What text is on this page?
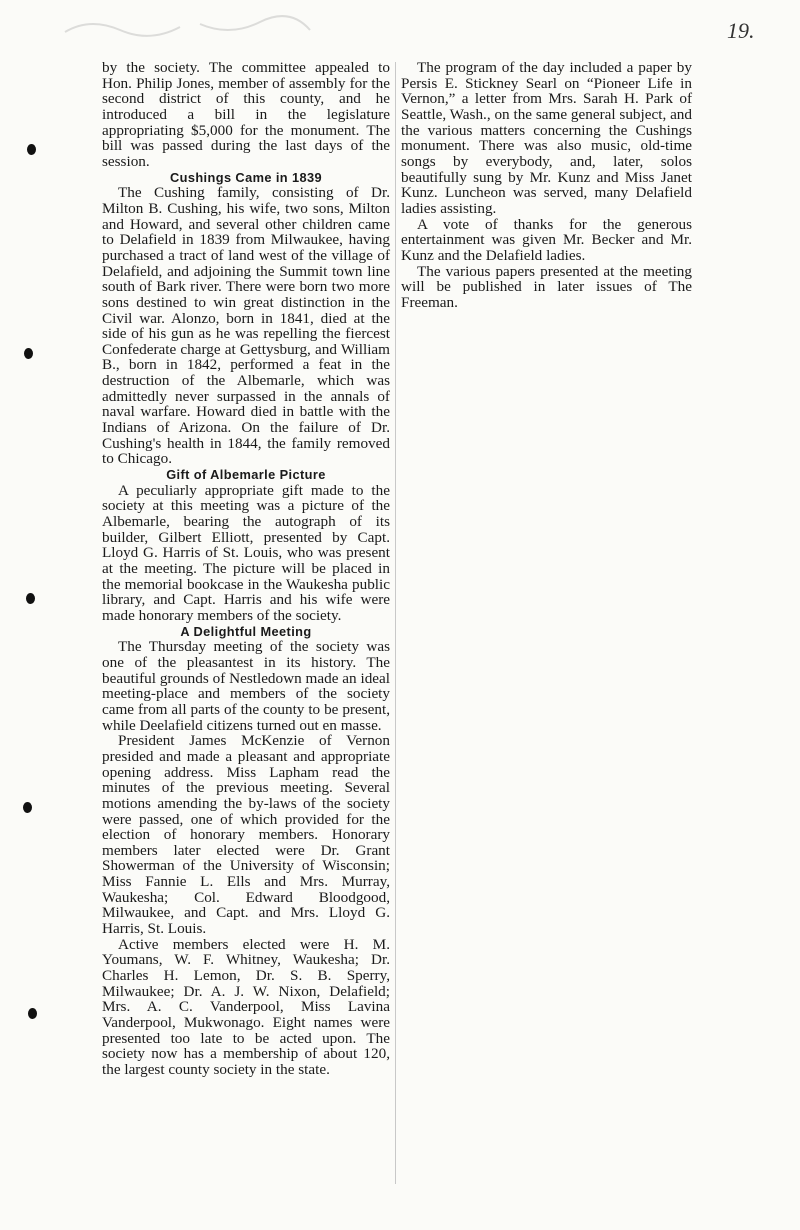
19.

by the society. The committee appealed to Hon. Philip Jones, member of assembly for the second district of this county, and he introduced a bill in the legislature appropriating $5,000 for the monument. The bill was passed during the last days of the session.

Cushings Came in 1839

The Cushing family, consisting of Dr. Milton B. Cushing, his wife, two sons, Milton and Howard, and several other children came to Delafield in 1839 from Milwaukee, having purchased a tract of land west of the village of Delafield, and adjoining the Summit town line south of Bark river. There were born two more sons destined to win great distinction in the Civil war. Alonzo, born in 1841, died at the side of his gun as he was repelling the fiercest Confederate charge at Gettysburg, and William B., born in 1842, performed a feat in the destruction of the Albemarle, which was admittedly never surpassed in the annals of naval warfare. Howard died in battle with the Indians of Arizona. On the failure of Dr. Cushing's health in 1844, the family removed to Chicago.

Gift of Albemarle Picture

A peculiarly appropriate gift made to the society at this meeting was a picture of the Albemarle, bearing the autograph of its builder, Gilbert Elliott, presented by Capt. Lloyd G. Harris of St. Louis, who was present at the meeting. The picture will be placed in the memorial bookcase in the Waukesha public library, and Capt. Harris and his wife were made honorary members of the society.

A Delightful Meeting

The Thursday meeting of the society was one of the pleasantest in its history. The beautiful grounds of Nestledown made an ideal meeting-place and members of the society came from all parts of the county to be present, while Deelafield citizens turned out en masse.

President James McKenzie of Vernon presided and made a pleasant and appropriate opening address. Miss Lapham read the minutes of the previous meeting. Several motions amending the by-laws of the society were passed, one of which provided for the election of honorary members. Honorary members later elected were Dr. Grant Showerman of the University of Wisconsin; Miss Fannie L. Ells and Mrs. Murray, Waukesha; Col. Edward Bloodgood, Milwaukee, and Capt. and Mrs. Lloyd G. Harris, St. Louis.

Active members elected were H. M. Youmans, W. F. Whitney, Waukesha; Dr. Charles H. Lemon, Dr. S. B. Sperry, Milwaukee; Dr. A. J. W. Nixon, Delafield; Mrs. A. C. Vanderpool, Miss Lavina Vanderpool, Mukwonago. Eight names were presented too late to be acted upon. The society now has a membership of about 120, the largest county society in the state.

The program of the day included a paper by Persis E. Stickney Searl on “Pioneer Life in Vernon,” a letter from Mrs. Sarah H. Park of Seattle, Wash., on the same general subject, and the various matters concerning the Cushings monument. There was also music, old-time songs by everybody, and, later, solos beautifully sung by Mr. Kunz and Miss Janet Kunz. Luncheon was served, many Delafield ladies assisting.

A vote of thanks for the generous entertainment was given Mr. Becker and Mr. Kunz and the Delafield ladies.

The various papers presented at the meeting will be published in later issues of The Freeman.
